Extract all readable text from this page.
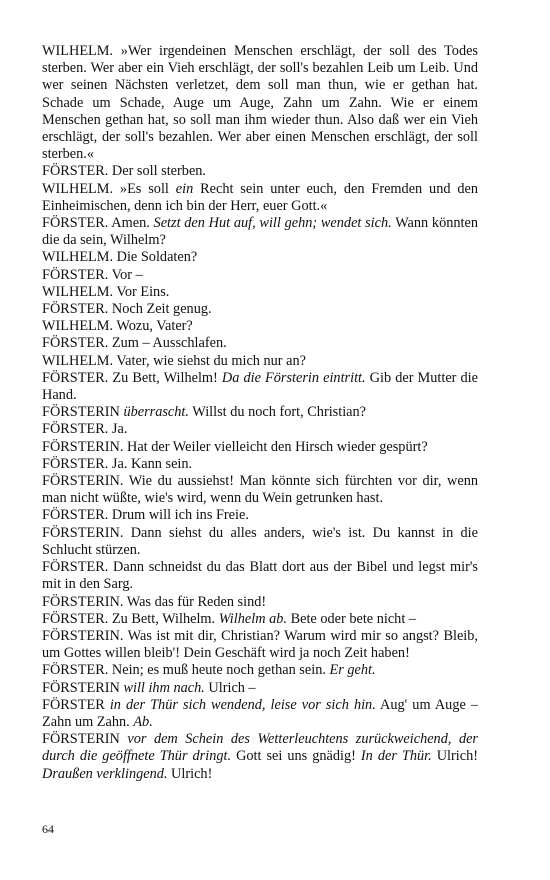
WILHELM. »Wer irgendeinen Menschen erschlägt, der soll des Todes sterben. Wer aber ein Vieh erschlägt, der soll's bezahlen Leib um Leib. Und wer seinen Nächsten verletzet, dem soll man thun, wie er gethan hat. Schade um Schade, Auge um Auge, Zahn um Zahn. Wie er einem Menschen gethan hat, so soll man ihm wieder thun. Also daß wer ein Vieh erschlägt, der soll's bezahlen. Wer aber einen Menschen erschlägt, der soll sterben.«

FÖRSTER. Der soll sterben.

WILHELM. »Es soll ein Recht sein unter euch, den Fremden und den Einheimischen, denn ich bin der Herr, euer Gott.«

FÖRSTER. Amen. Setzt den Hut auf, will gehn; wendet sich. Wann könnten die da sein, Wilhelm?

WILHELM. Die Soldaten?

FÖRSTER. Vor –

WILHELM. Vor Eins.

FÖRSTER. Noch Zeit genug.

WILHELM. Wozu, Vater?

FÖRSTER. Zum – Ausschlafen.

WILHELM. Vater, wie siehst du mich nur an?

FÖRSTER. Zu Bett, Wilhelm! Da die Försterin eintritt. Gib der Mutter die Hand.

FÖRSTERIN überrascht. Willst du noch fort, Christian?

FÖRSTER. Ja.

FÖRSTERIN. Hat der Weiler vielleicht den Hirsch wieder gespürt?

FÖRSTER. Ja. Kann sein.

FÖRSTERIN. Wie du aussiehst! Man könnte sich fürchten vor dir, wenn man nicht wüßte, wie's wird, wenn du Wein getrunken hast.

FÖRSTER. Drum will ich ins Freie.

FÖRSTERIN. Dann siehst du alles anders, wie's ist. Du kannst in die Schlucht stürzen.

FÖRSTER. Dann schneidst du das Blatt dort aus der Bibel und legst mir's mit in den Sarg.

FÖRSTERIN. Was das für Reden sind!

FÖRSTER. Zu Bett, Wilhelm. Wilhelm ab. Bete oder bete nicht –

FÖRSTERIN. Was ist mit dir, Christian? Warum wird mir so angst? Bleib, um Gottes willen bleib'! Dein Geschäft wird ja noch Zeit haben!

FÖRSTER. Nein; es muß heute noch gethan sein. Er geht.

FÖRSTERIN will ihm nach. Ulrich –

FÖRSTER in der Thür sich wendend, leise vor sich hin. Aug' um Auge – Zahn um Zahn. Ab.

FÖRSTERIN vor dem Schein des Wetterleuchtens zurückweichend, der durch die geöffnete Thür dringt. Gott sei uns gnädig! In der Thür. Ulrich! Draußen verklingend. Ulrich!

64
